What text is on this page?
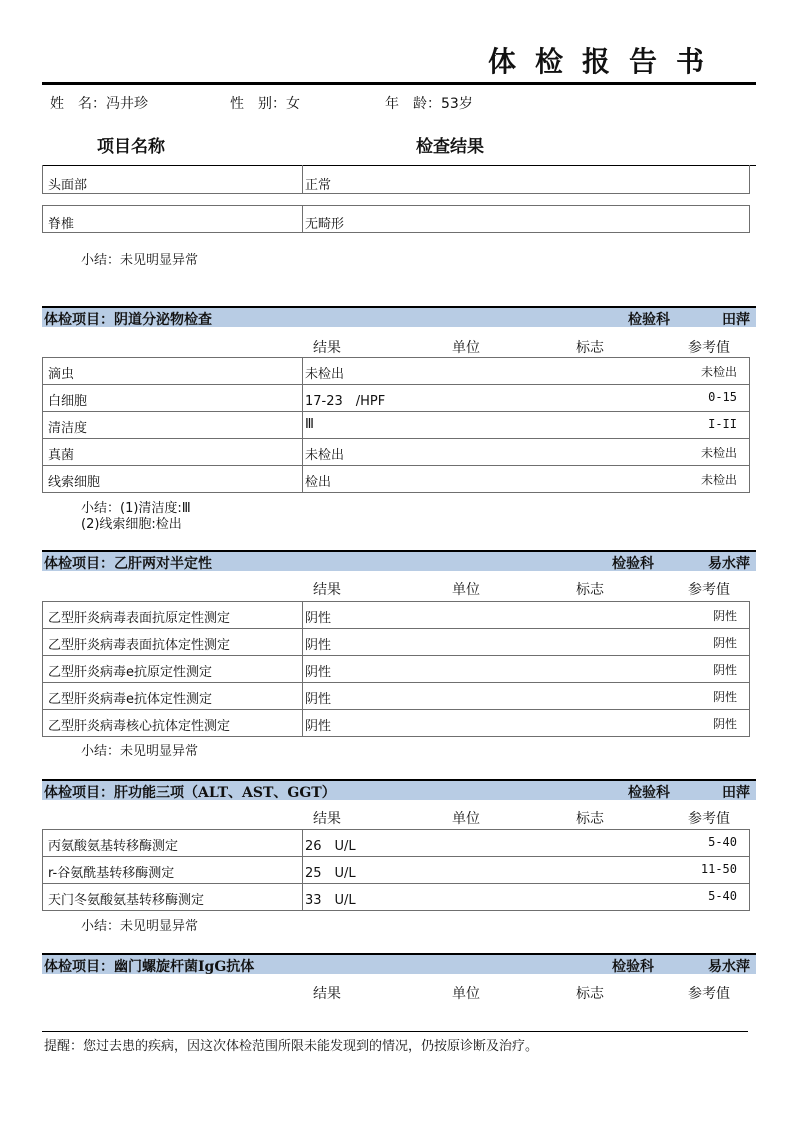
体检报告书
姓　名：冯井珍	性　别：女	年　龄：53岁
项目名称	检查结果
头面部	正常
脊椎	无畸形
小结：未见明显异常
体检项目：阴道分泌物检查	检验科	田萍
结果	单位	标志	参考值
滴虫	未检出	未检出
白细胞	17-23　/HPF	0-15
清洁度	Ⅲ	I-II
真菌	未检出	未检出
线索细胞	检出	未检出
小结：(1)清洁度:Ⅲ
(2)线索细胞:检出
体检项目：乙肝两对半定性	检验科	易水萍
结果	单位	标志	参考值
乙型肝炎病毒表面抗原定性测定	阴性	阴性
乙型肝炎病毒表面抗体定性测定	阴性	阴性
乙型肝炎病毒e抗原定性测定	阴性	阴性
乙型肝炎病毒e抗体定性测定	阴性	阴性
乙型肝炎病毒核心抗体定性测定	阴性	阴性
小结：未见明显异常
体检项目：肝功能三项（ALT、AST、GGT）	检验科	田萍
结果	单位	标志	参考值
丙氨酸氨基转移酶测定	26　U/L	5-40
r-谷氨酰基转移酶测定	25　U/L	11-50
天门冬氨酸氨基转移酶测定	33　U/L	5-40
小结：未见明显异常
体检项目：幽门螺旋杆菌IgG抗体	检验科	易水萍
结果	单位	标志	参考值
提醒：您过去患的疾病，因这次体检范围所限未能发现到的情况，仍按原诊断及治疗。
